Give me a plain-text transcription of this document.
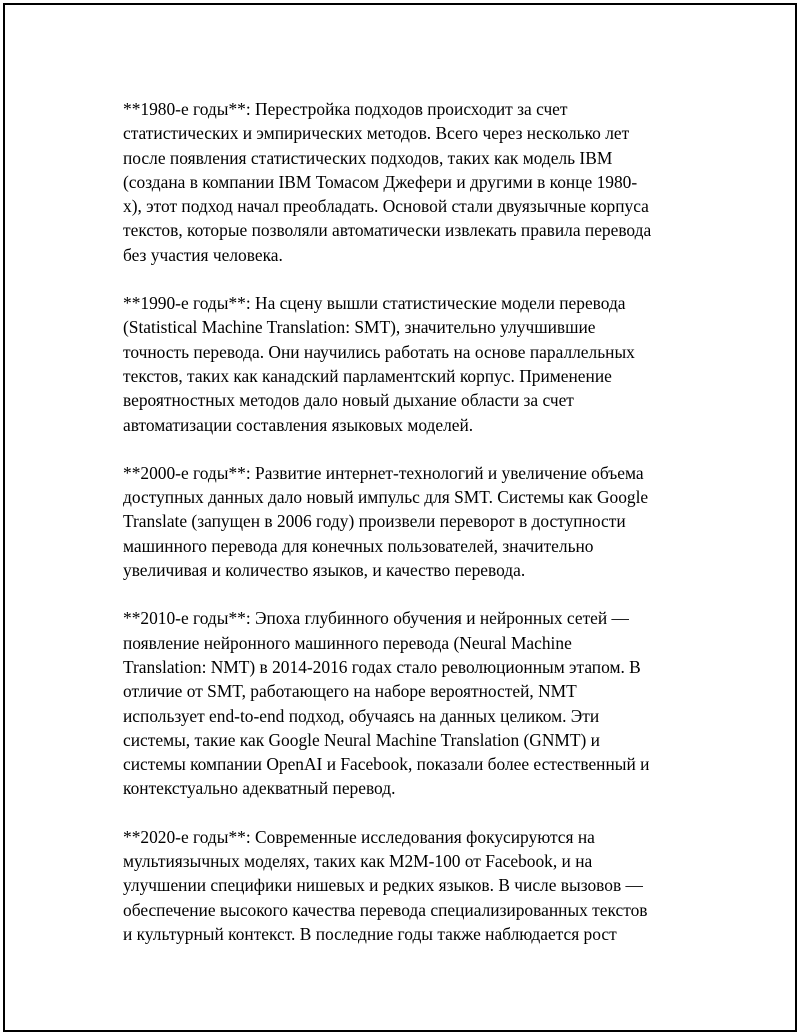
**1980-е годы**: Перестройка подходов происходит за счет
статистических и эмпирических методов. Всего через несколько лет
после появления статистических подходов, таких как модель IBM
(создана в компании IBM Томасом Джефери и другими в конце 1980-
х), этот подход начал преобладать. Основой стали двуязычные корпуса
текстов, которые позволяли автоматически извлекать правила перевода
без участия человека.

**1990-е годы**: На сцену вышли статистические модели перевода
(Statistical Machine Translation: SMT), значительно улучшившие
точность перевода. Они научились работать на основе параллельных
текстов, таких как канадский парламентский корпус. Применение
вероятностных методов дало новый дыхание области за счет
автоматизации составления языковых моделей.

**2000-е годы**: Развитие интернет-технологий и увеличение объема
доступных данных дало новый импульс для SMT. Системы как Google
Translate (запущен в 2006 году) произвели переворот в доступности
машинного перевода для конечных пользователей, значительно
увеличивая и количество языков, и качество перевода.

**2010-е годы**: Эпоха глубинного обучения и нейронных сетей —
появление нейронного машинного перевода (Neural Machine
Translation: NMT) в 2014-2016 годах стало революционным этапом. В
отличие от SMT, работающего на наборе вероятностей, NMT
использует end-to-end подход, обучаясь на данных целиком. Эти
системы, такие как Google Neural Machine Translation (GNMT) и
системы компании OpenAI и Facebook, показали более естественный и
контекстуально адекватный перевод.

**2020-е годы**: Современные исследования фокусируются на
мультиязычных моделях, таких как M2M-100 от Facebook, и на
улучшении специфики нишевых и редких языков. В числе вызовов —
обеспечение высокого качества перевода специализированных текстов
и культурный контекст. В последние годы также наблюдается рост
